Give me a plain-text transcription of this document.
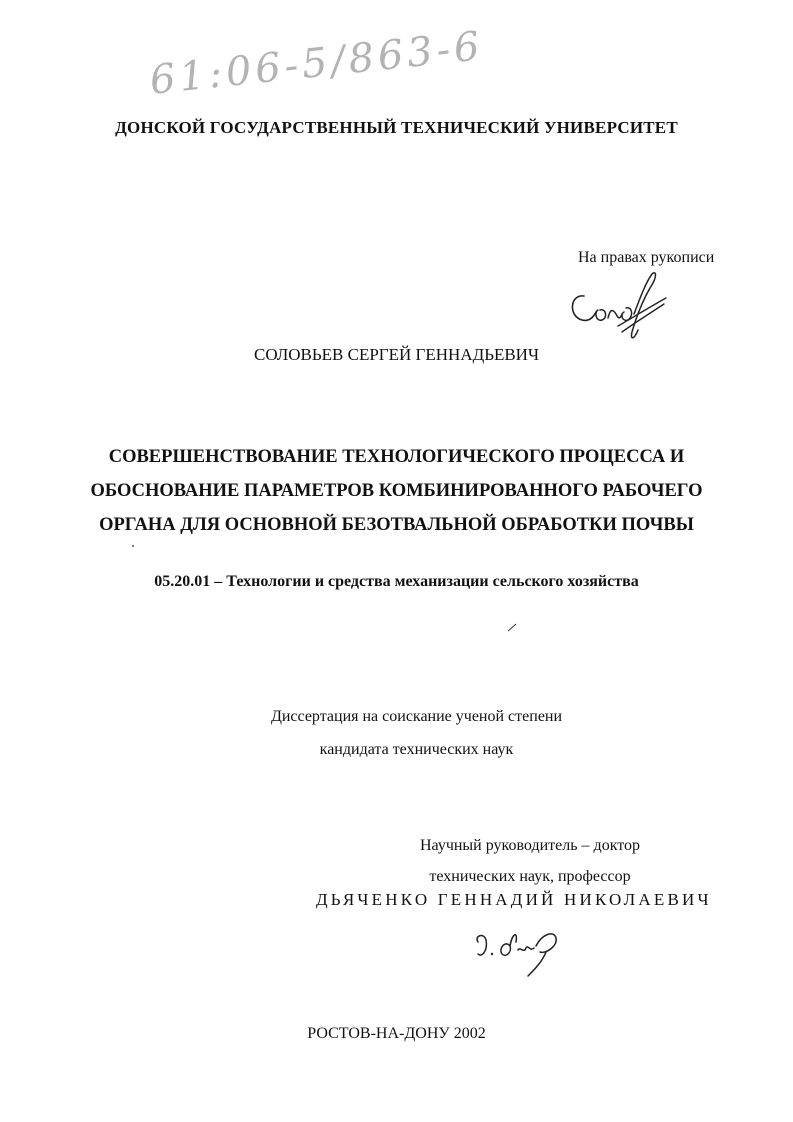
61:06-5/863-6
ДОНСКОЙ ГОСУДАРСТВЕННЫЙ ТЕХНИЧЕСКИЙ УНИВЕРСИТЕТ
На правах рукописи
СОЛОВЬЕВ СЕРГЕЙ ГЕННАДЬЕВИЧ
СОВЕРШЕНСТВОВАНИЕ ТЕХНОЛОГИЧЕСКОГО ПРОЦЕССА И
ОБОСНОВАНИЕ ПАРАМЕТРОВ КОМБИНИРОВАННОГО РАБОЧЕГО
ОРГАНА ДЛЯ ОСНОВНОЙ БЕЗОТВАЛЬНОЙ ОБРАБОТКИ ПОЧВЫ
05.20.01 – Технологии и средства механизации сельского хозяйства
Диссертация на соискание ученой степени
кандидата технических наук
Научный руководитель – доктор
технических наук, профессор
ДЬЯЧЕНКО ГЕННАДИЙ НИКОЛАЕВИЧ
РОСТОВ-НА-ДОНУ 2002
